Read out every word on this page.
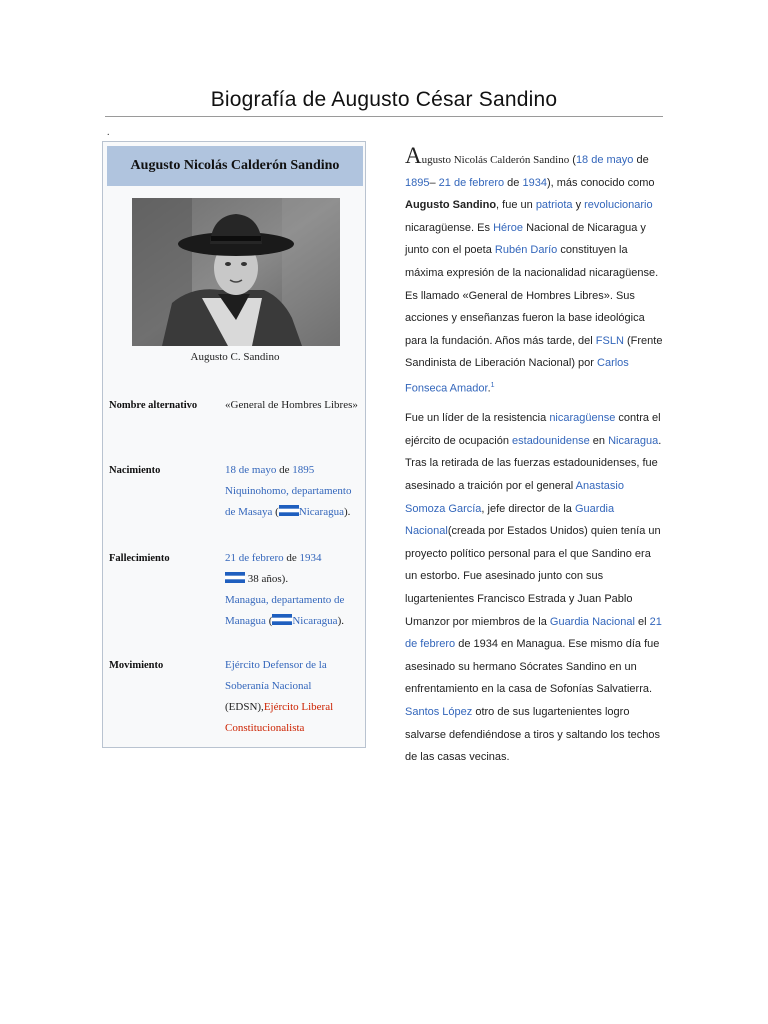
Biografía de Augusto César Sandino
.
Augusto Nicolás Calderón Sandino
Augusto C. Sandino
Nombre alternativo	«General de Hombres Libres»
Nacimiento	18 de mayo de 1895
Niquinohomo, departamento de Masaya ( Nicaragua).
Fallecimiento	21 de febrero de 1934
38 años).
Managua, departamento de Managua ( Nicaragua).
Movimiento	Ejército Defensor de la Soberanía Nacional (EDSN),Ejército Liberal Constitucionalista

Augusto Nicolás Calderón Sandino (18 de mayo de 1895– 21 de febrero de 1934), más conocido como Augusto Sandino, fue un patriota y revolucionario nicaragüense. Es Héroe Nacional de Nicaragua y junto con el poeta Rubén Darío constituyen la máxima expresión de la nacionalidad nicaragüense. Es llamado «General de Hombres Libres». Sus acciones y enseñanzas fueron la base ideológica para la fundación. Años más tarde, del FSLN (Frente Sandinista de Liberación Nacional) por Carlos Fonseca Amador.$^1$

Fue un líder de la resistencia nicaragüense contra el ejército de ocupación estadounidense en Nicaragua. Tras la retirada de las fuerzas estadounidenses, fue asesinado a traición por el general Anastasio Somoza García, jefe director de la Guardia Nacional(creada por Estados Unidos) quien tenía un proyecto político personal para el que Sandino era un estorbo. Fue asesinado junto con sus lugartenientes Francisco Estrada y Juan Pablo Umanzor por miembros de la Guardia Nacional el 21 de febrero de 1934 en Managua. Ese mismo día fue asesinado su hermano Sócrates Sandino en un enfrentamiento en la casa de Sofonías Salvatierra. Santos López otro de sus lugartenientes logro salvarse defendiéndose a tiros y saltando los techos de las casas vecinas.
